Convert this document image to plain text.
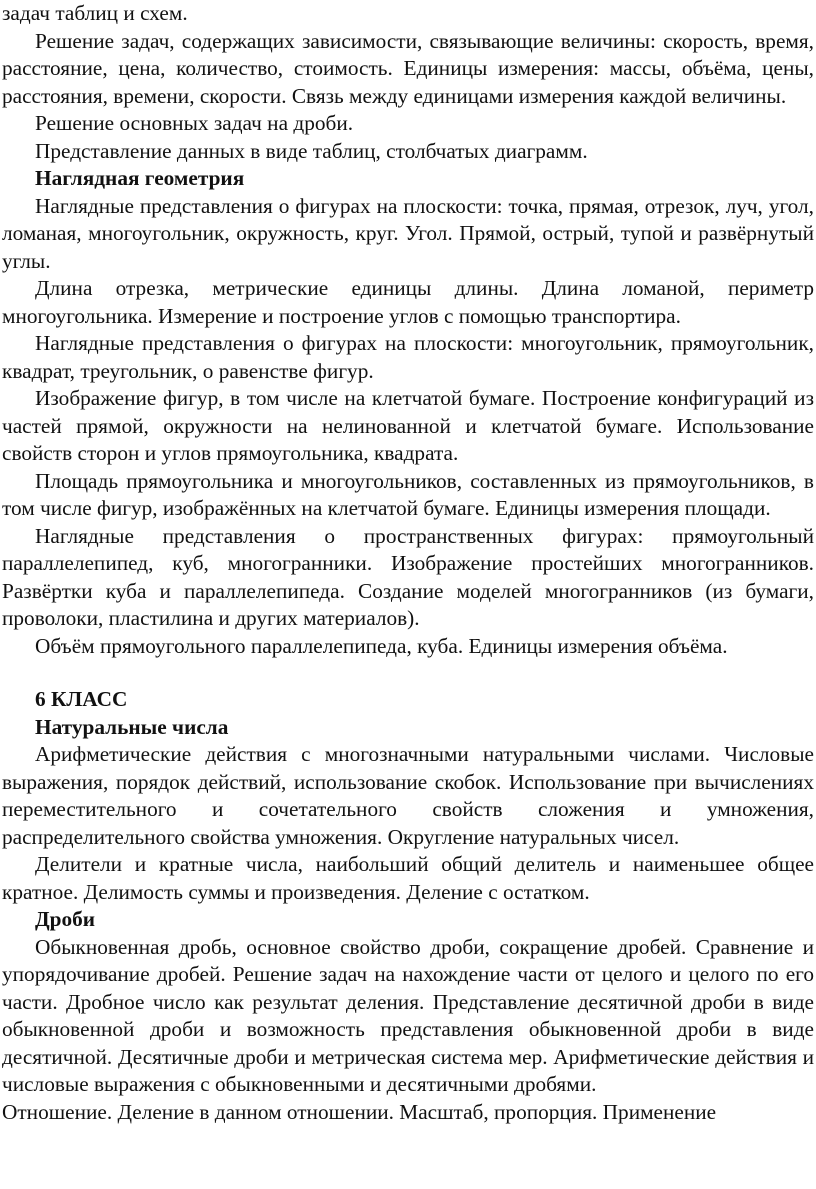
задач таблиц и схем.

Решение задач, содержащих зависимости, связывающие величины: скорость, время, расстояние, цена, количество, стоимость. Единицы измерения: массы, объёма, цены, расстояния, времени, скорости. Связь между единицами измерения каждой величины.

Решение основных задач на дроби.

Представление данных в виде таблиц, столбчатых диаграмм.

Наглядная геометрия

Наглядные представления о фигурах на плоскости: точка, прямая, отрезок, луч, угол, ломаная, многоугольник, окружность, круг. Угол. Прямой, острый, тупой и развёрнутый углы.

Длина отрезка, метрические единицы длины. Длина ломаной, периметр многоугольника. Измерение и построение углов с помощью транспортира.

Наглядные представления о фигурах на плоскости: многоугольник, прямоугольник, квадрат, треугольник, о равенстве фигур.

Изображение фигур, в том числе на клетчатой бумаге. Построение конфигураций из частей прямой, окружности на нелинованной и клетчатой бумаге. Использование свойств сторон и углов прямоугольника, квадрата.

Площадь прямоугольника и многоугольников, составленных из прямоугольников, в том числе фигур, изображённых на клетчатой бумаге. Единицы измерения площади.

Наглядные представления о пространственных фигурах: прямоугольный параллелепипед, куб, многогранники. Изображение простейших многогранников. Развёртки куба и параллелепипеда. Создание моделей многогранников (из бумаги, проволоки, пластилина и других материалов).

Объём прямоугольного параллелепипеда, куба. Единицы измерения объёма.

6 КЛАСС

Натуральные числа

Арифметические действия с многозначными натуральными числами. Числовые выражения, порядок действий, использование скобок. Использование при вычислениях переместительного и сочетательного свойств сложения и умножения, распределительного свойства умножения. Округление натуральных чисел.

Делители и кратные числа, наибольший общий делитель и наименьшее общее кратное. Делимость суммы и произведения. Деление с остатком.

Дроби

Обыкновенная дробь, основное свойство дроби, сокращение дробей. Сравнение и упорядочивание дробей. Решение задач на нахождение части от целого и целого по его части. Дробное число как результат деления. Представление десятичной дроби в виде обыкновенной дроби и возможность представления обыкновенной дроби в виде десятичной. Десятичные дроби и метрическая система мер. Арифметические действия и числовые выражения с обыкновенными и десятичными дробями.

Отношение. Деление в данном отношении. Масштаб, пропорция. Применение
